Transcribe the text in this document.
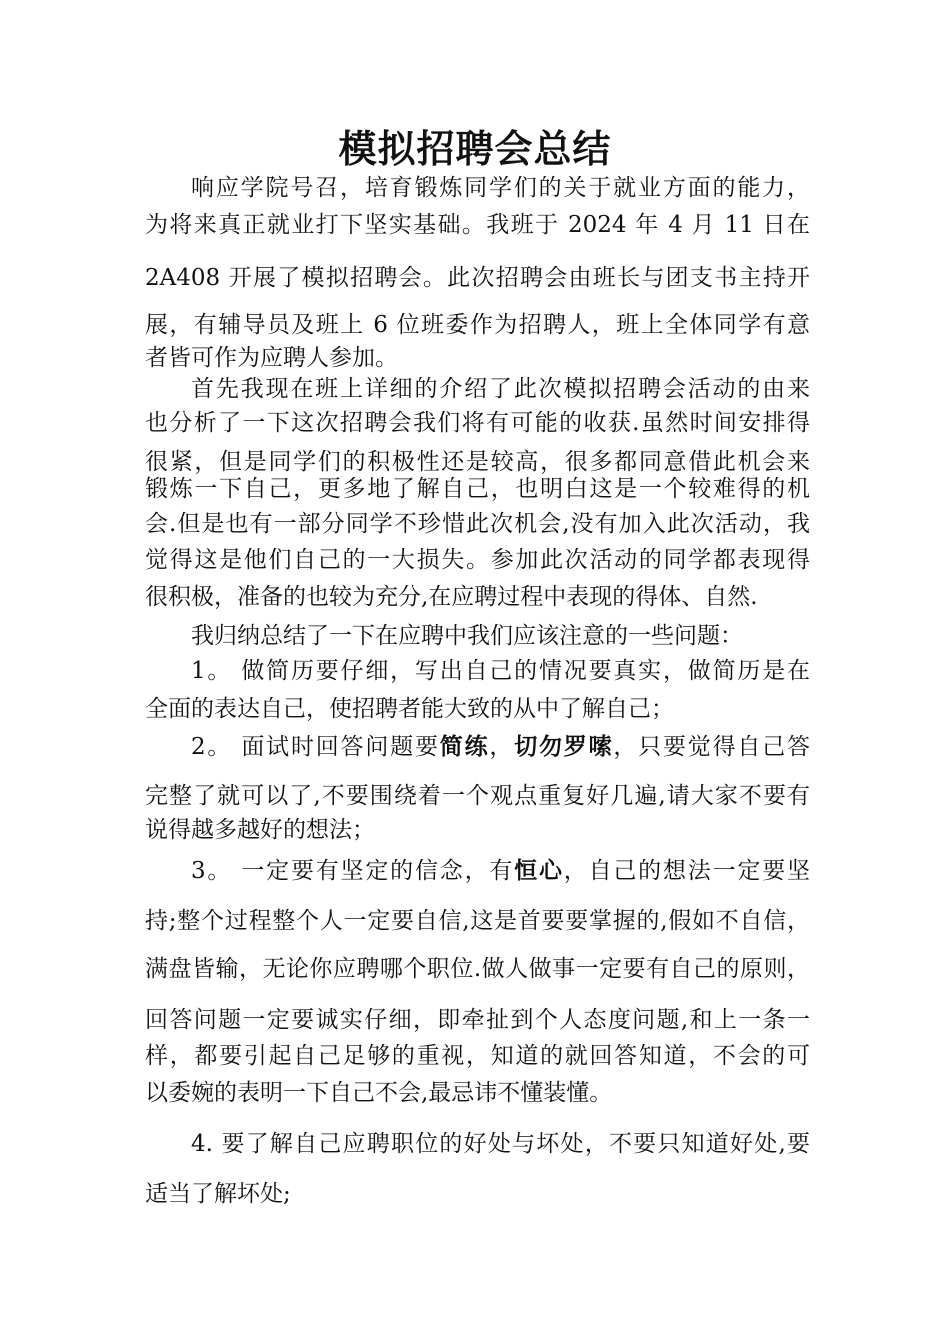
模拟招聘会总结
响应学院号召，培育锻炼同学们的关于就业方面的能力，
为将来真正就业打下坚实基础。我班于 2024 年 4 月 11 日在
2A408 开展了模拟招聘会。此次招聘会由班长与团支书主持开
展，有辅导员及班上 6 位班委作为招聘人，班上全体同学有意
者皆可作为应聘人参加。
首先我现在班上详细的介绍了此次模拟招聘会活动的由来
也分析了一下这次招聘会我们将有可能的收获.虽然时间安排得
很紧，但是同学们的积极性还是较高，很多都同意借此机会来
锻炼一下自己，更多地了解自己，也明白这是一个较难得的机
会.但是也有一部分同学不珍惜此次机会,没有加入此次活动，我
觉得这是他们自己的一大损失。参加此次活动的同学都表现得
很积极，准备的也较为充分,在应聘过程中表现的得体、自然.
我归纳总结了一下在应聘中我们应该注意的一些问题：
1。 做简历要仔细，写出自己的情况要真实，做简历是在
全面的表达自己，使招聘者能大致的从中了解自己；
2。 面试时回答问题要简练，切勿罗嗦，只要觉得自己答
完整了就可以了,不要围绕着一个观点重复好几遍,请大家不要有
说得越多越好的想法；
3。 一定要有坚定的信念，有恒心，自己的想法一定要坚
持;整个过程整个人一定要自信,这是首要要掌握的,假如不自信，
满盘皆输，无论你应聘哪个职位.做人做事一定要有自己的原则，
回答问题一定要诚实仔细，即牵扯到个人态度问题,和上一条一
样，都要引起自己足够的重视，知道的就回答知道，不会的可
以委婉的表明一下自己不会,最忌讳不懂装懂。
4. 要了解自己应聘职位的好处与坏处，不要只知道好处,要
适当了解坏处;
